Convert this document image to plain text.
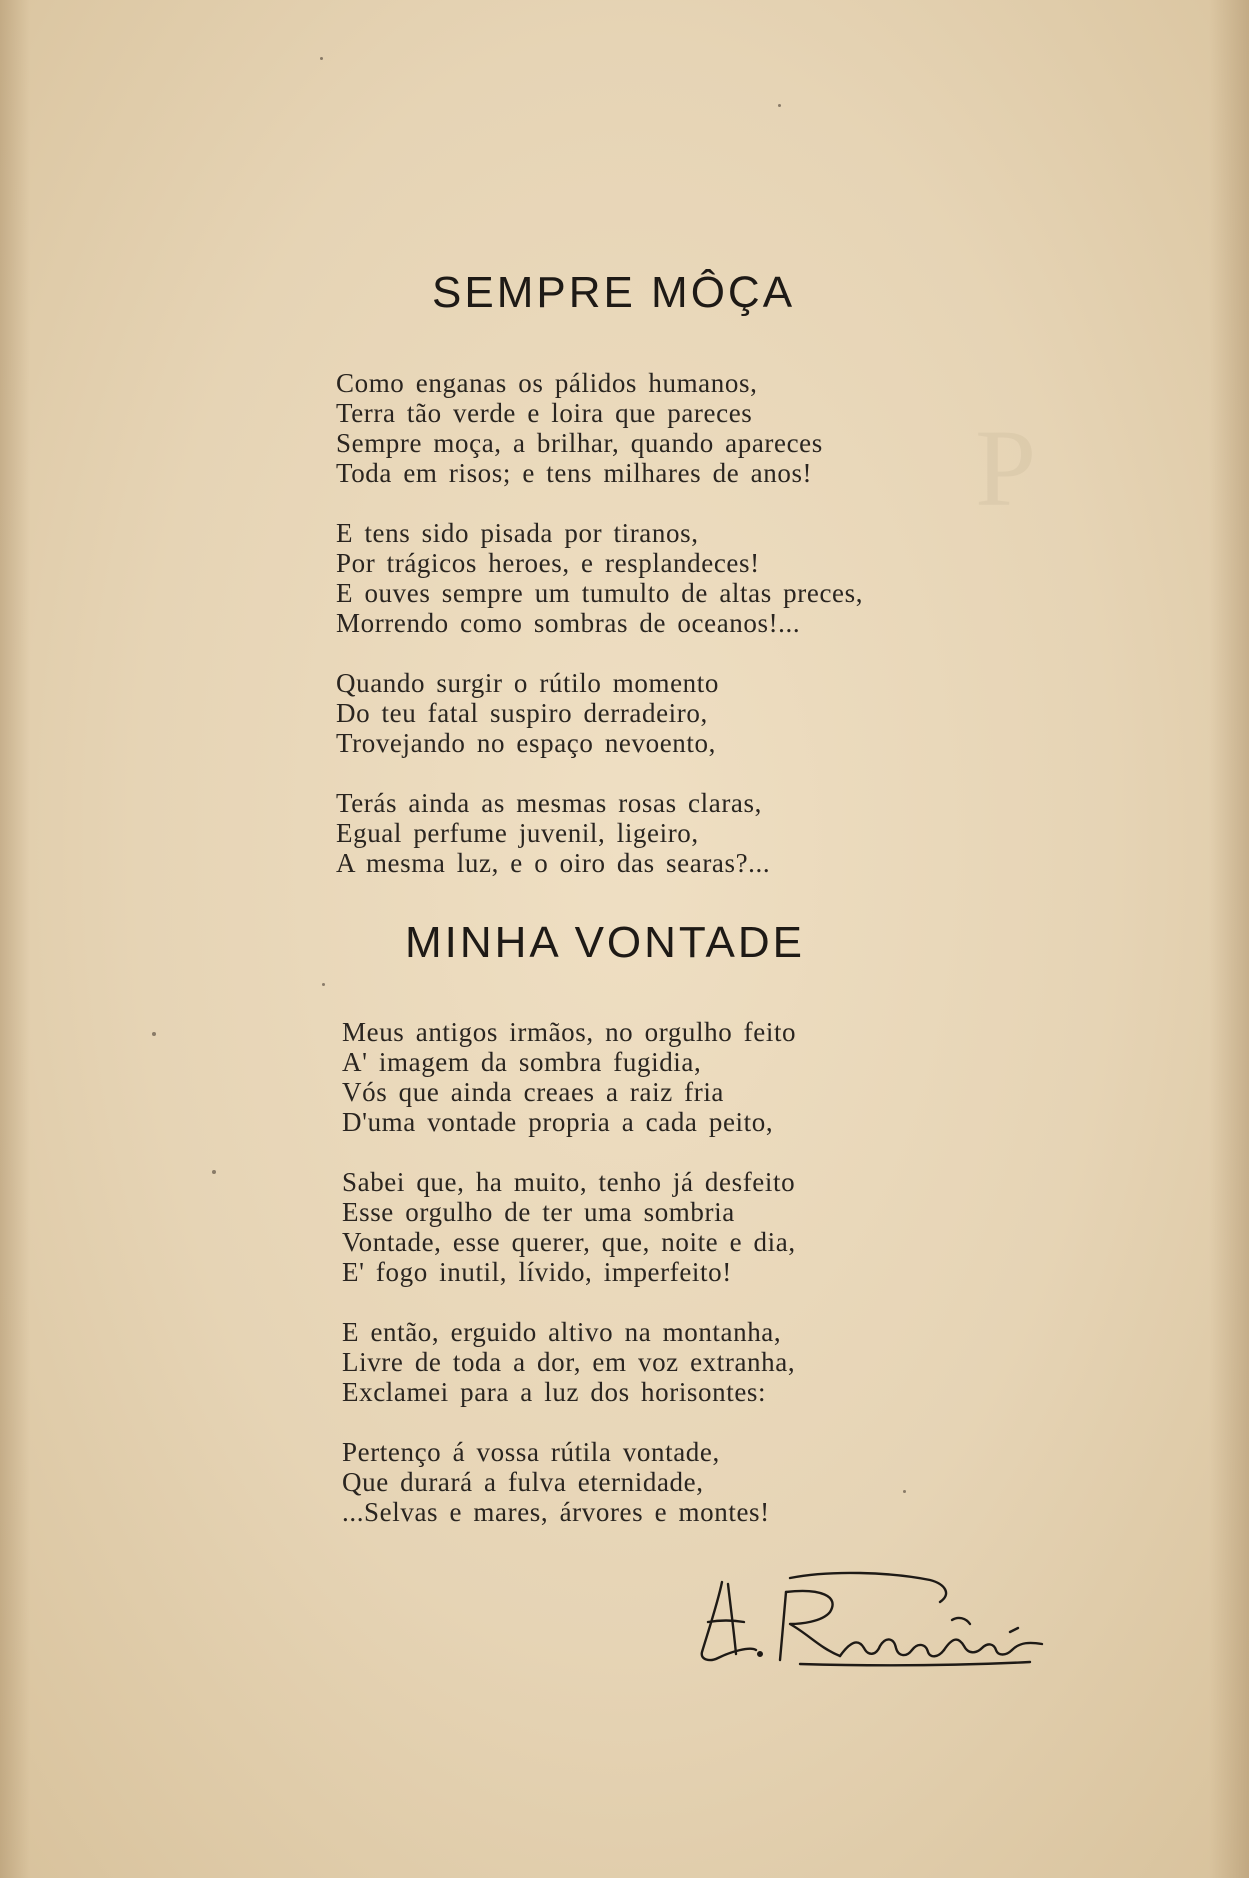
P
SEMPRE MÔÇA
Como enganas os pálidos humanos,
Terra tão verde e loira que pareces
Sempre moça, a brilhar, quando apareces
Toda em risos; e tens milhares de anos!
E tens sido pisada por tiranos,
Por trágicos heroes, e resplandeces!
E ouves sempre um tumulto de altas preces,
Morrendo como sombras de oceanos!...
Quando surgir o rútilo momento
Do teu fatal suspiro derradeiro,
Trovejando no espaço nevoento,
Terás ainda as mesmas rosas claras,
Egual perfume juvenil, ligeiro,
A mesma luz, e o oiro das searas?...
MINHA VONTADE
Meus antigos irmãos, no orgulho feito
A' imagem da sombra fugidia,
Vós que ainda creaes a raiz fria
D'uma vontade propria a cada peito,
Sabei que, ha muito, tenho já desfeito
Esse orgulho de ter uma sombria
Vontade, esse querer, que, noite e dia,
E' fogo inutil, lívido, imperfeito!
E então, erguido altivo na montanha,
Livre de toda a dor, em voz extranha,
Exclamei para a luz dos horisontes:
Pertenço á vossa rútila vontade,
Que durará a fulva eternidade,
...Selvas e mares, árvores e montes!
